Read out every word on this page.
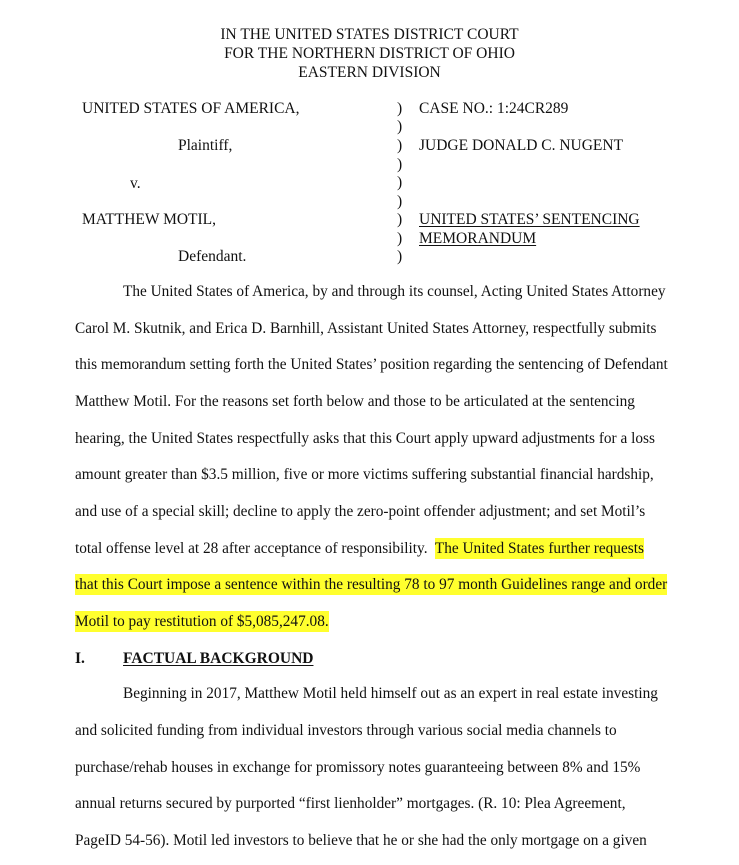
IN THE UNITED STATES DISTRICT COURT
FOR THE NORTHERN DISTRICT OF OHIO
EASTERN DIVISION
UNITED STATES OF AMERICA,
Plaintiff,
v.
MATTHEW MOTIL,
Defendant.
)
)
)
)
)
)
)
)
)
CASE NO.: 1:24CR289
JUDGE DONALD C. NUGENT
UNITED STATES’ SENTENCING
MEMORANDUM
The United States of America, by and through its counsel, Acting United States Attorney
Carol M. Skutnik, and Erica D. Barnhill, Assistant United States Attorney, respectfully submits
this memorandum setting forth the United States’ position regarding the sentencing of Defendant
Matthew Motil. For the reasons set forth below and those to be articulated at the sentencing
hearing, the United States respectfully asks that this Court apply upward adjustments for a loss
amount greater than $3.5 million, five or more victims suffering substantial financial hardship,
and use of a special skill; decline to apply the zero-point offender adjustment; and set Motil’s
total offense level at 28 after acceptance of responsibility. The United States further requests
that this Court impose a sentence within the resulting 78 to 97 month Guidelines range and order
Motil to pay restitution of $5,085,247.08.
I. FACTUAL BACKGROUND
Beginning in 2017, Matthew Motil held himself out as an expert in real estate investing
and solicited funding from individual investors through various social media channels to
purchase/rehab houses in exchange for promissory notes guaranteeing between 8% and 15%
annual returns secured by purported “first lienholder” mortgages. (R. 10: Plea Agreement,
PageID 54-56). Motil led investors to believe that he or she had the only mortgage on a given
